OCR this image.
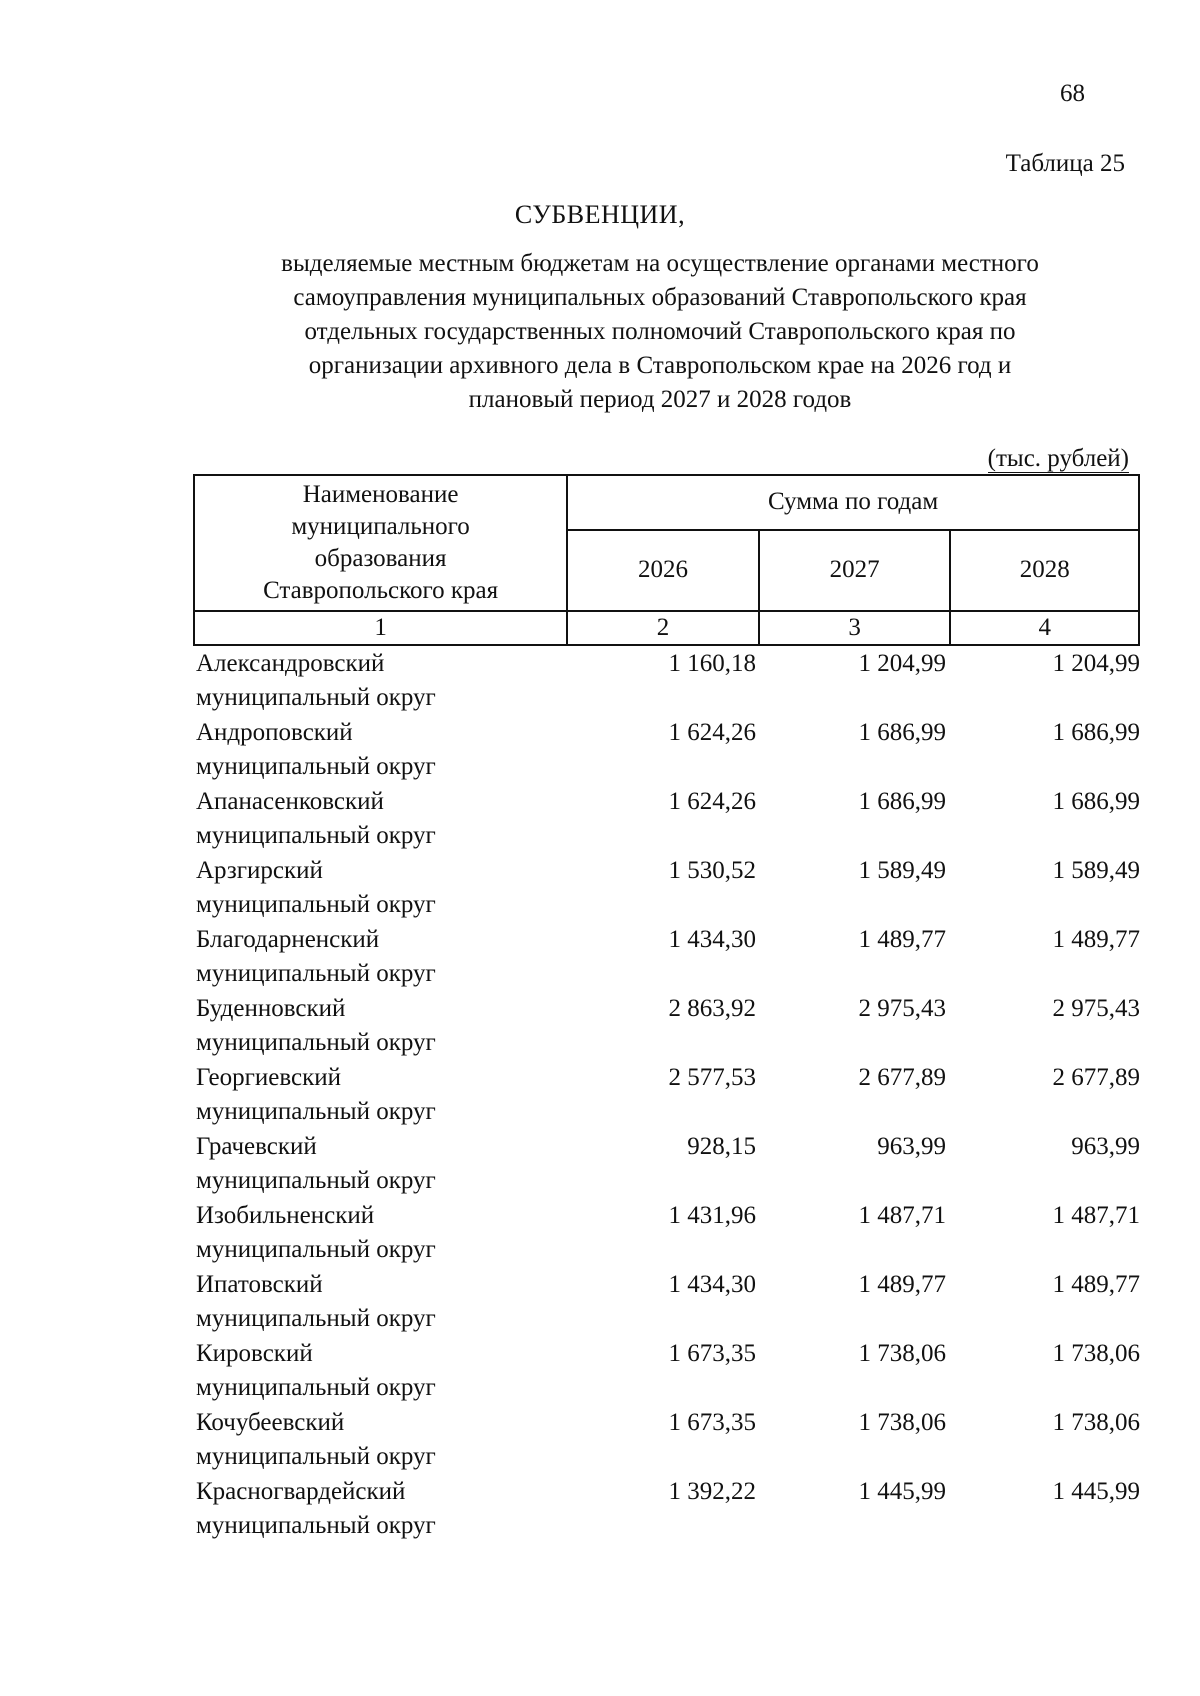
68
Таблица 25
СУБВЕНЦИИ,
выделяемые местным бюджетам на осуществление органами местного
самоуправления муниципальных образований Ставропольского края
отдельных государственных полномочий Ставропольского края по
организации архивного дела в Ставропольском крае на 2026 год и
плановый период 2027 и 2028 годов
(тыс. рублей)
Наименование
муниципального
образования
Ставропольского края	Сумма по годам		
	2026	2027	2028
1	2	3	4
Александровский
муниципальный округ
1 160,18	1 204,99	1 204,99
Андроповский
муниципальный округ
1 624,26	1 686,99	1 686,99
Апанасенковский
муниципальный округ
1 624,26	1 686,99	1 686,99
Арзгирский
муниципальный округ
1 530,52	1 589,49	1 589,49
Благодарненский
муниципальный округ
1 434,30	1 489,77	1 489,77
Буденновский
муниципальный округ
2 863,92	2 975,43	2 975,43
Георгиевский
муниципальный округ
2 577,53	2 677,89	2 677,89
Грачевский
муниципальный округ
928,15	963,99	963,99
Изобильненский
муниципальный округ
1 431,96	1 487,71	1 487,71
Ипатовский
муниципальный округ
1 434,30	1 489,77	1 489,77
Кировский
муниципальный округ
1 673,35	1 738,06	1 738,06
Кочубеевский
муниципальный округ
1 673,35	1 738,06	1 738,06
Красногвардейский
муниципальный округ
1 392,22	1 445,99	1 445,99
